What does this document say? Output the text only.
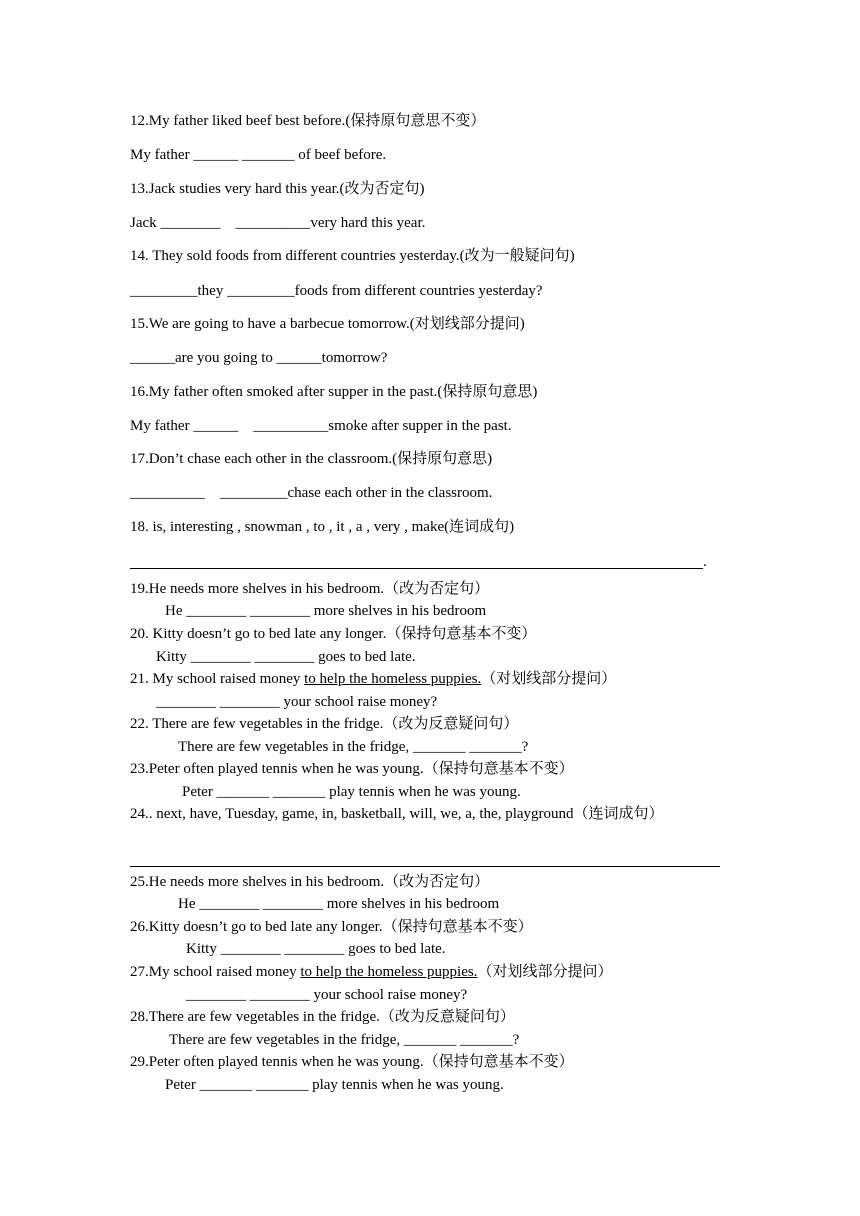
12.My father liked beef best before.(保持原句意思不变）
My father ______ _______ of beef before.
13.Jack studies very hard this year.(改为否定句)
Jack ________    __________very hard this year.
14. They sold foods from different countries yesterday.(改为一般疑问句)
_________they _________foods from different countries yesterday?
15.We are going to have a barbecue tomorrow.(对划线部分提问)
______are you going to ______tomorrow?
16.My father often smoked after supper in the past.(保持原句意思)
My father ______    __________smoke after supper in the past.
17.Don’t chase each other in the classroom.(保持原句意思)
__________    _________chase each other in the classroom.
18. is, interesting , snowman , to , it , a , very , make(连词成句)
.
19.He needs more shelves in his bedroom.（改为否定句）
He ________ ________ more shelves in his bedroom
20. Kitty doesn’t go to bed late any longer.（保持句意基本不变）
Kitty ________ ________ goes to bed late.
21. My school raised money to help the homeless puppies.（对划线部分提问）
________ ________ your school raise money?
22. There are few vegetables in the fridge.（改为反意疑问句）
There are few vegetables in the fridge, _______ _______?
23.Peter often played tennis when he was young.（保持句意基本不变）
Peter _______ _______ play tennis when he was young.
24.. next, have, Tuesday, game, in, basketball, will, we, a, the, playground（连词成句）
25.He needs more shelves in his bedroom.（改为否定句）
He ________ ________ more shelves in his bedroom
26.Kitty doesn’t go to bed late any longer.（保持句意基本不变）
Kitty ________ ________ goes to bed late.
27.My school raised money to help the homeless puppies.（对划线部分提问）
________ ________ your school raise money?
28.There are few vegetables in the fridge.（改为反意疑问句）
There are few vegetables in the fridge, _______ _______?
29.Peter often played tennis when he was young.（保持句意基本不变）
Peter _______ _______ play tennis when he was young.
